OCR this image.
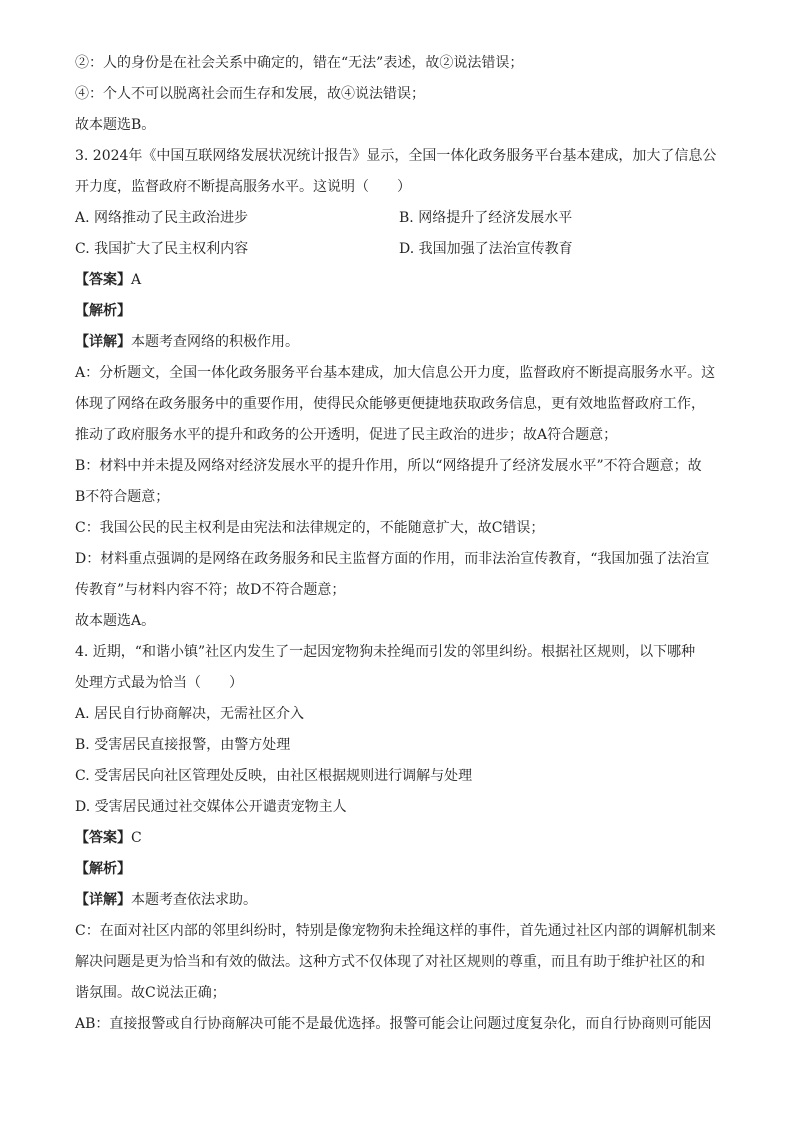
②：人的身份是在社会关系中确定的，错在“无法”表述，故②说法错误；
④：个人不可以脱离社会而生存和发展，故④说法错误；
故本题选B。
3. 2024年《中国互联网络发展状况统计报告》显示，全国一体化政务服务平台基本建成，加大了信息公
开力度，监督政府不断提高服务水平。这说明（　　）
A. 网络推动了民主政治进步	B. 网络提升了经济发展水平
C. 我国扩大了民主权利内容	D. 我国加强了法治宣传教育
【答案】A
【解析】
【详解】本题考查网络的积极作用。
A：分析题文，全国一体化政务服务平台基本建成，加大信息公开力度，监督政府不断提高服务水平。这
体现了网络在政务服务中的重要作用，使得民众能够更便捷地获取政务信息，更有效地监督政府工作，
推动了政府服务水平的提升和政务的公开透明，促进了民主政治的进步；故A符合题意；
B：材料中并未提及网络对经济发展水平的提升作用，所以“网络提升了经济发展水平”不符合题意；故
B不符合题意；
C：我国公民的民主权利是由宪法和法律规定的，不能随意扩大，故C错误；
D：材料重点强调的是网络在政务服务和民主监督方面的作用，而非法治宣传教育，“我国加强了法治宣
传教育”与材料内容不符；故D不符合题意；
故本题选A。
4. 近期，“和谐小镇”社区内发生了一起因宠物狗未拴绳而引发的邻里纠纷。根据社区规则，以下哪种
处理方式最为恰当（　　）
A. 居民自行协商解决，无需社区介入
B. 受害居民直接报警，由警方处理
C. 受害居民向社区管理处反映，由社区根据规则进行调解与处理
D. 受害居民通过社交媒体公开谴责宠物主人
【答案】C
【解析】
【详解】本题考查依法求助。
C：在面对社区内部的邻里纠纷时，特别是像宠物狗未拴绳这样的事件，首先通过社区内部的调解机制来
解决问题是更为恰当和有效的做法。这种方式不仅体现了对社区规则的尊重，而且有助于维护社区的和
谐氛围。故C说法正确；
AB：直接报警或自行协商解决可能不是最优选择。报警可能会让问题过度复杂化，而自行协商则可能因
